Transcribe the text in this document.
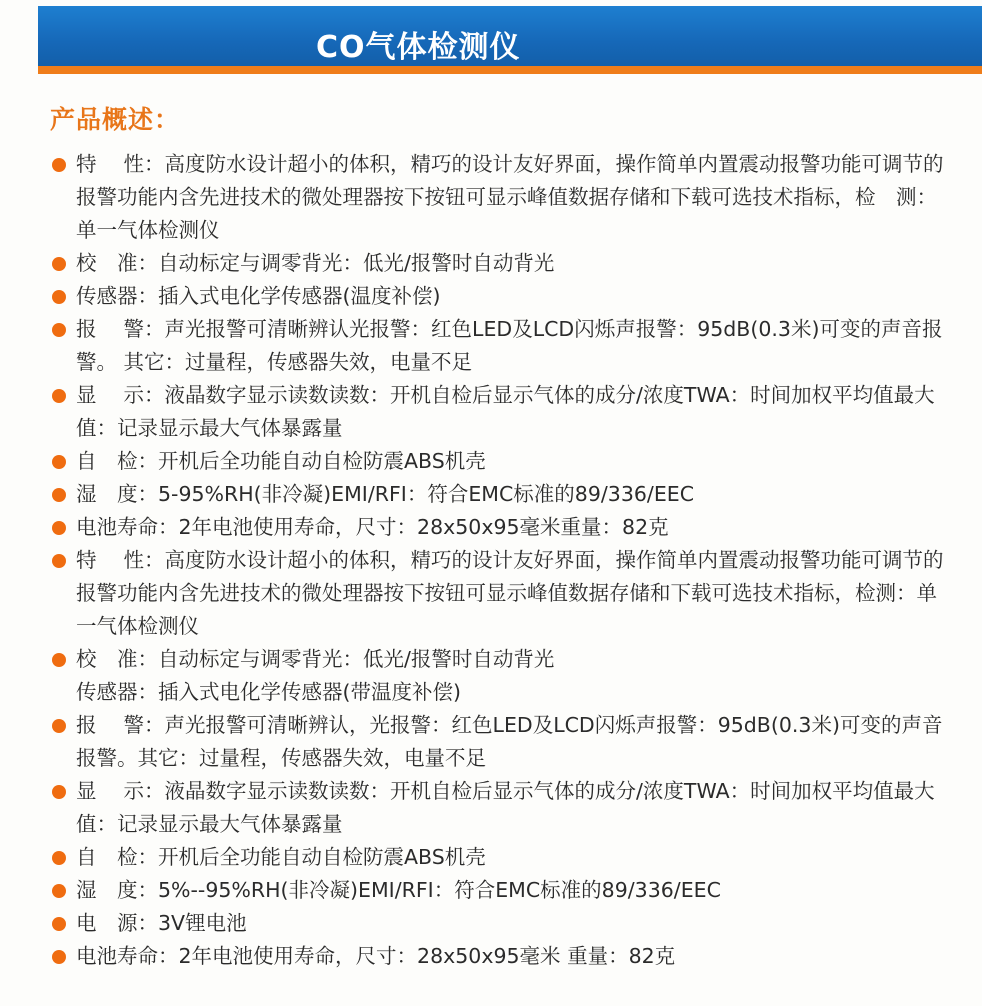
CO气体检测仪
产品概述：
特　 性：高度防水设计超小的体积，精巧的设计友好界面，操作简单内置震动报警功能可调节的报警功能内含先进技术的微处理器按下按钮可显示峰值数据存储和下载可选技术指标，检　测：单一气体检测仪
校　准：自动标定与调零背光：低光/报警时自动背光
传感器：插入式电化学传感器(温度补偿)
报　 警：声光报警可清晰辨认光报警：红色LED及LCD闪烁声报警：95dB(0.3米)可变的声音报警。 其它：过量程，传感器失效，电量不足
显　 示：液晶数字显示读数读数：开机自检后显示气体的成分/浓度TWA：时间加权平均值最大值：记录显示最大气体暴露量
自　检：开机后全功能自动自检防震ABS机壳
湿　度：5-95%RH(非冷凝)EMI/RFI：符合EMC标准的89/336/EEC
电池寿命：2年电池使用寿命，尺寸：28x50x95毫米重量：82克
特　 性：高度防水设计超小的体积，精巧的设计友好界面，操作简单内置震动报警功能可调节的报警功能内含先进技术的微处理器按下按钮可显示峰值数据存储和下载可选技术指标，检测：单一气体检测仪
校　准：自动标定与调零背光：低光/报警时自动背光
传感器：插入式电化学传感器(带温度补偿)
报　 警：声光报警可清晰辨认，光报警：红色LED及LCD闪烁声报警：95dB(0.3米)可变的声音报警。其它：过量程，传感器失效，电量不足
显　 示：液晶数字显示读数读数：开机自检后显示气体的成分/浓度TWA：时间加权平均值最大值：记录显示最大气体暴露量
自　检：开机后全功能自动自检防震ABS机壳
湿　度：5%--95%RH(非冷凝)EMI/RFI：符合EMC标准的89/336/EEC
电　源：3V锂电池
电池寿命：2年电池使用寿命，尺寸：28x50x95毫米 重量：82克
